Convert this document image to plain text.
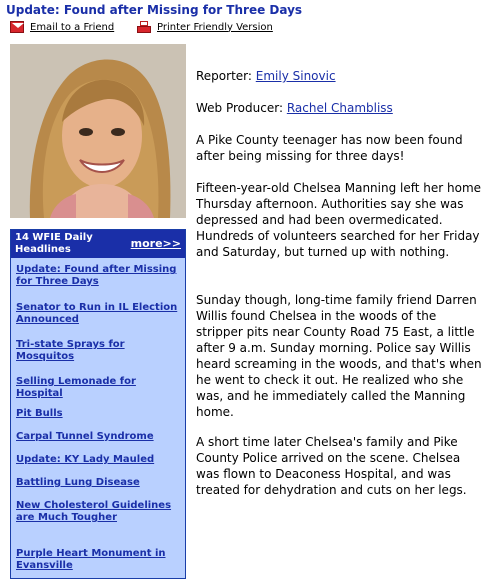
Update: Found after Missing for Three Days
Email to a Friend	Printer Friendly Version
14 WFIE Daily Headlines	more>>
Update: Found after Missing for Three Days
Senator to Run in IL Election Announced
Tri-state Sprays for Mosquitos
Selling Lemonade for Hospital
Pit Bulls
Carpal Tunnel Syndrome
Update: KY Lady Mauled
Battling Lung Disease
New Cholesterol Guidelines are Much Tougher
Purple Heart Monument in Evansville

Reporter: Emily Sinovic

Web Producer: Rachel Chambliss

A Pike County teenager has now been found after being missing for three days!

Fifteen-year-old Chelsea Manning left her home Thursday afternoon. Authorities say she was depressed and had been overmedicated. Hundreds of volunteers searched for her Friday and Saturday, but turned up with nothing.

Sunday though, long-time family friend Darren Willis found Chelsea in the woods of the stripper pits near County Road 75 East, a little after 9 a.m. Sunday morning. Police say Willis heard screaming in the woods, and that's when he went to check it out. He realized who she was, and he immediately called the Manning home.

A short time later Chelsea's family and Pike County Police arrived on the scene. Chelsea was flown to Deaconess Hospital, and was treated for dehydration and cuts on her legs.
